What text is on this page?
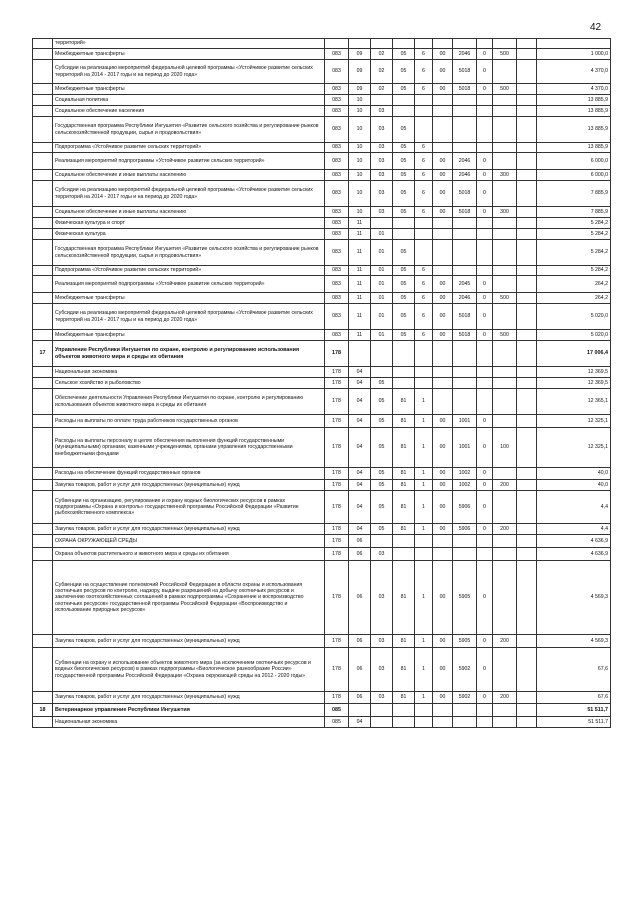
42
	территорий»											
	Межбюджетные трансферты	083	09	02	05	6	00	2046	0	500		1 000,0
	Субсидии на реализацию мероприятий федеральной целевой программы «Устойчивое развитие сельских территорий на 2014 - 2017 годы и на период до 2020 года»	083	09	02	05	6	00	5018	0			4 370,0
	Межбюджетные трансферты	083	09	02	05	6	00	5018	0	500		4 370,0
	Социальная политика	083	10									13 885,9
	Социальное обеспечение населения	083	10	03								13 885,9
	Государственная программа Республики Ингушетия «Развитие сельского хозяйства и регулирование рынков сельскохозяйственной продукции, сырья и продовольствия»	083	10	03	05							13 885,9
	Подпрограмма «Устойчивое развитие сельских территорий»	083	10	03	05	6						13 885,9
	Реализация мероприятий подпрограммы «Устойчивое развитие сельских территорий»	083	10	03	05	6	00	2046	0			6 000,0
	Социальное обеспечение и иные выплаты населению	083	10	03	05	6	00	2046	0	300		6 000,0
	Субсидии на реализацию мероприятий федеральной целевой программы «Устойчивое развитие сельских территорий на 2014 - 2017 годы и на период до 2020 года»	083	10	03	05	6	00	5018	0			7 885,9
	Социальное обеспечение и иные выплаты населению	083	10	03	05	6	00	5018	0	300		7 885,9
	Физическая культура и спорт	083	11									5 284,2
	Физическая культура	083	11	01								5 284,2
	Государственная программа Республики Ингушетия «Развитие сельского хозяйства и регулирование рынков сельскохозяйственной продукции, сырья и продовольствия»	083	11	01	05							5 284,2
	Подпрограмма «Устойчивое развитие сельских территорий»	083	11	01	05	6						5 284,2
	Реализация мероприятий подпрограммы «Устойчивое развитие сельских территорий»	083	11	01	05	6	00	2045	0			264,2
	Межбюджетные трансферты	083	11	01	05	6	00	2046	0	500		264,2
	Субсидии на реализацию мероприятий федеральной целевой программы «Устойчивое развитие сельских территорий на 2014 - 2017 годы и на период до 2020 года»	083	11	01	05	6	00	5018	0			5 020,0
	Межбюджетные трансферты	083	11	01	05	6	00	5018	0	500		5 020,0
17	Управление Республики Ингушетия по охране, контролю и регулированию использования объектов животного мира и среды их обитания	178										17 006,4
	Национальная экономика	178	04									12 369,5
	Сельское хозяйство и рыболовство	178	04	05								12 369,5
	Обеспечение деятельности Управления Республики Ингушетия по охране, контролю и регулированию использования объектов животного мира и среды их обитания	178	04	05	81	1						12 365,1
	Расходы на выплаты по оплате труда работников государственных органов	178	04	05	81	1	00	1001	0			12 325,1
	Расходы на выплаты персоналу в целях обеспечения выполнения функций государственными (муниципальными) органами, казенными учреждениями, органами управления государственными внебюджетными фондами	178	04	05	81	1	00	1001	0	100		12 325,1
	Расходы на обеспечение функций государственных органов	178	04	05	81	1	00	1002	0			40,0
	Закупка товаров, работ и услуг для государственных (муниципальных) нужд	178	04	05	81	1	00	1002	0	200		40,0
	Субвенции на организацию, регулирование и охрану водных биологических ресурсов в рамках подпрограммы «Охрана и контроль» государственной программы Российской Федерации «Развитие рыбохозяйственного комплекса»	178	04	05	81	1	00	5906	0			4,4
	Закупка товаров, работ и услуг для государственных (муниципальных) нужд	178	04	05	81	1	00	5906	0	200		4,4
	ОХРАНА ОКРУЖАЮЩЕЙ СРЕДЫ	178	06									4 636,9
	Охрана объектов растительного и животного мира и среды их обитания	178	06	03								4 636,9
	Субвенции на осуществление полномочий Российской Федерации в области охраны и использования охотничьих ресурсов по контролю, надзору, выдаче разрешений на добычу охотничьих ресурсов и заключению охотхозяйственных соглашений в рамках подпрограммы «Сохранение и воспроизводство охотничьих ресурсов» государственной программы Российской Федерации «Воспроизводство и использование природных ресурсов»	178	06	03	81	1	00	5905	0			4 569,3
	Закупка товаров, работ и услуг для государственных (муниципальных) нужд	178	06	03	81	1	00	5905	0	200		4 569,3
	Субвенции на охрану и использование объектов животного мира (за исключением охотничьих ресурсов и водных биологических ресурсов) в рамках подпрограммы «Биологическое разнообразие России» государственной программы Российской Федерации «Охрана окружающей среды на 2012 - 2020 годы»	178	06	03	81	1	00	5902	0			67,6
	Закупка товаров, работ и услуг для государственных (муниципальных) нужд	178	06	03	81	1	00	5902	0	200		67,6
18	Ветеринарное управление Республики Ингушетия	085										51 511,7
	Национальная экономика	085	04									51 511,7
